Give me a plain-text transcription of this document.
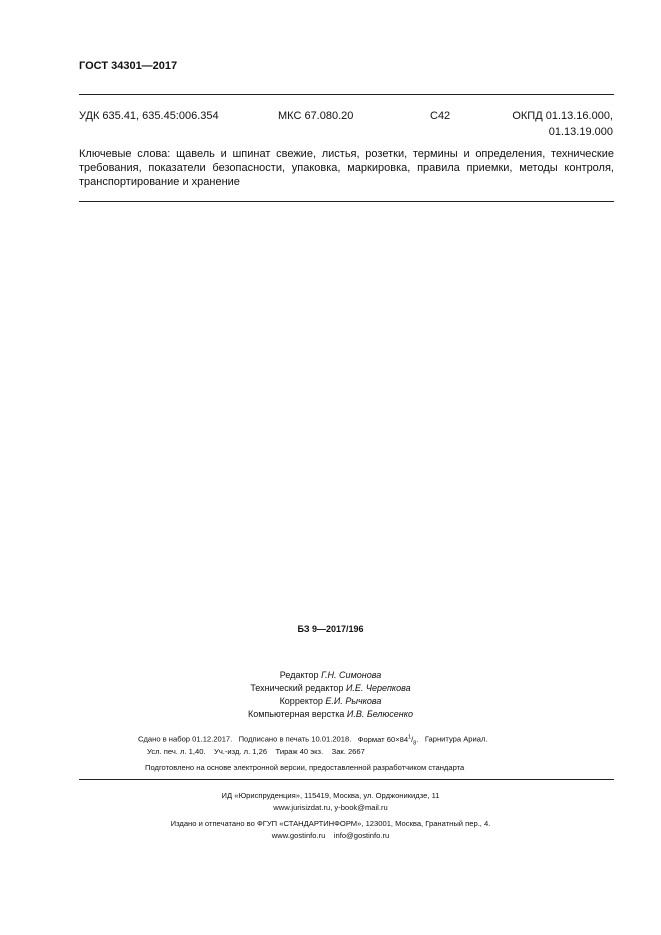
ГОСТ 34301—2017
УДК 635.41, 635.45:006.354	МКС 67.080.20	С42	ОКПД 01.13.16.000,
01.13.19.000
Ключевые слова: щавель и шпинат свежие, листья, розетки, термины и определения, технические требования, показатели безопасности, упаковка, маркировка, правила приемки, методы контроля, транспортирование и хранение
БЗ 9—2017/196
Редактор Г.Н. Симонова
Технический редактор И.Е. Черепкова
Корректор Е.И. Рычкова
Компьютерная верстка И.В. Белюсенко
Сдано в набор 01.12.2017. Подписано в печать 10.01.2018. Формат $60\times 84^1/_8$. Гарнитура Ариал.
Усл. печ. л. 1,40. Уч.-изд. л. 1,26 Тираж 40 экз. Зак. 2667
Подготовлено на основе электронной версии, предоставленной разработчиком стандарта
ИД «Юриспруденция», 115419, Москва, ул. Орджоникидзе, 11
www.jurisizdat.ru, y-book@mail.ru
Издано и отпечатано во ФГУП «СТАНДАРТИНФОРМ», 123001, Москва, Гранатный пер., 4.
www.gostinfo.ru    info@gostinfo.ru
